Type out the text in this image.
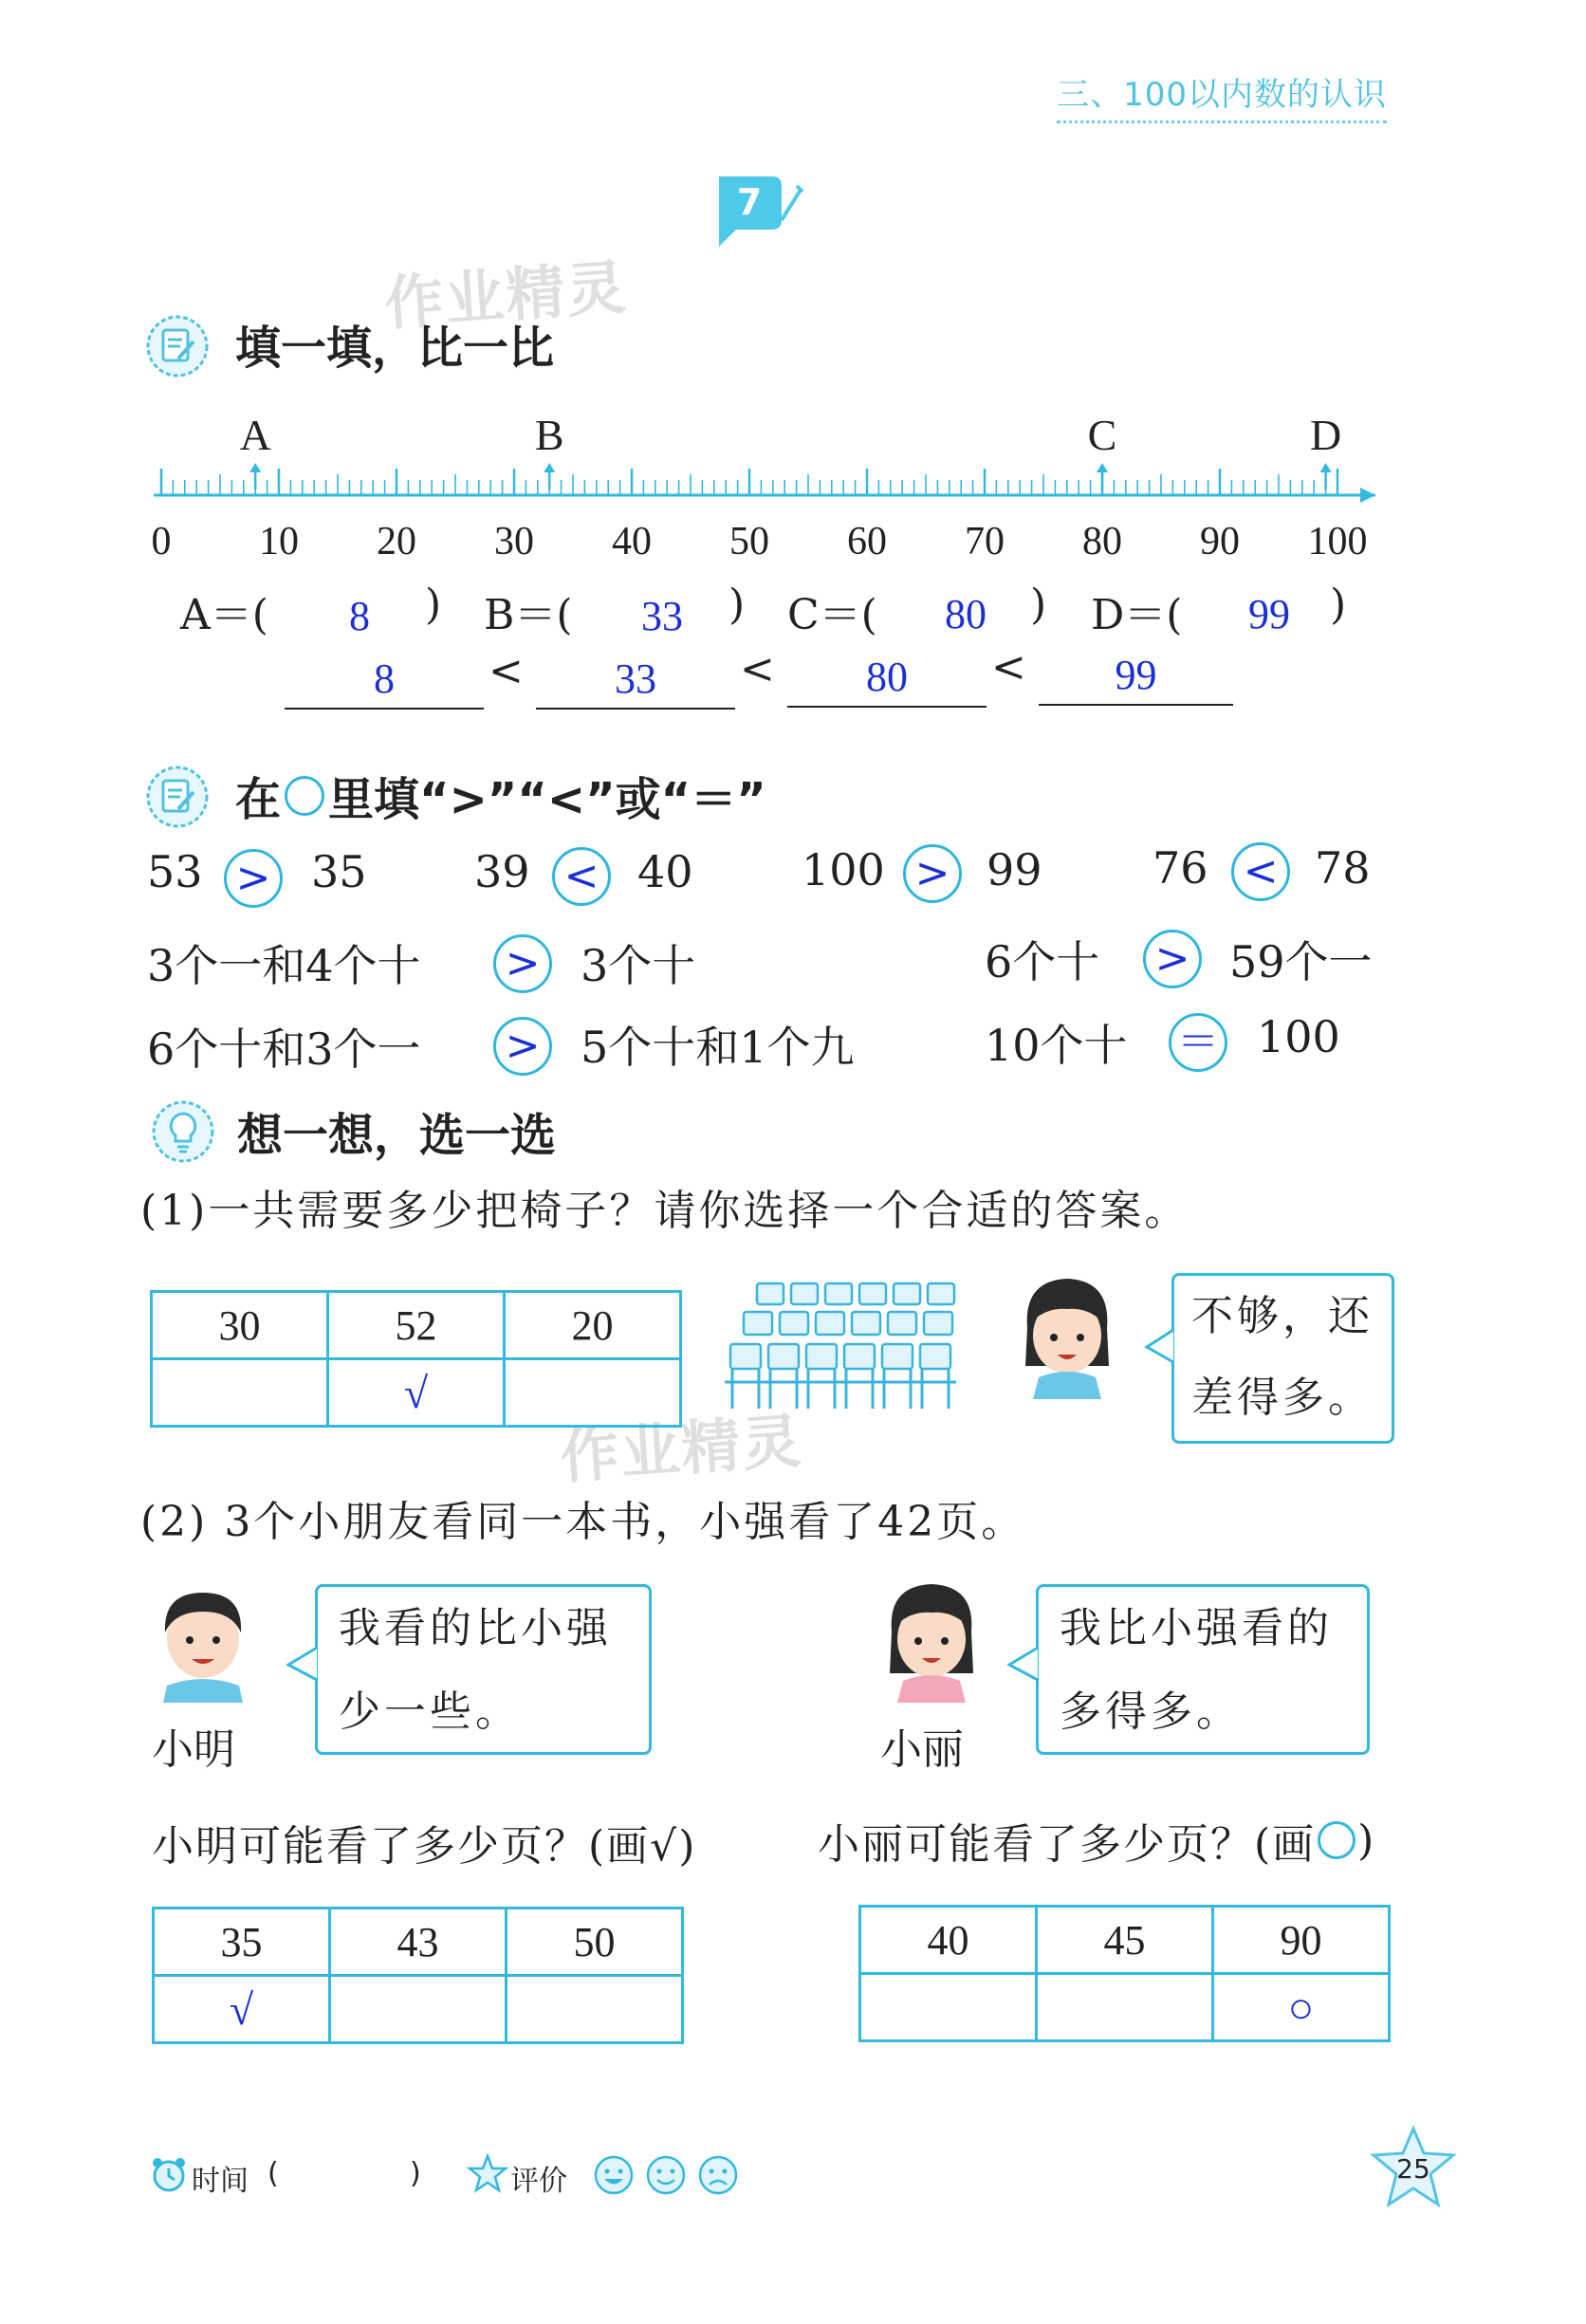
三、100以内数的认识
7
作业精灵
作业精灵
填一填，比一比
0 10 20 30 40 50 60 70 80 90 100
A	B	C	D
A＝( 8 ) B＝( 33 ) C＝( 80 ) D＝( 99 )
8	<	33	<	80	<	99
在 里填“>”“<”或“＝”
53 > 35 39 < 40 100 > 99	76 < 78
3个一和4个十 > 3个十	6个十 > 59个一
6个十和3个一 > 5个十和1个九	10个十 ＝ 100
想一想，选一选
(1)一共需要多少把椅子？请你选择一个合适的答案。
30	52	20
	√	
不够，还
差得多。
(2) 3个小朋友看同一本书，小强看了42页。
小明
我看的比小强
少一些。
小丽
我比小强看的
多得多。
小明可能看了多少页？(画√)	小丽可能看了多少页？(画 )
35	43	50
√		
40	45	90
		○
时间 (	)	评价	25
